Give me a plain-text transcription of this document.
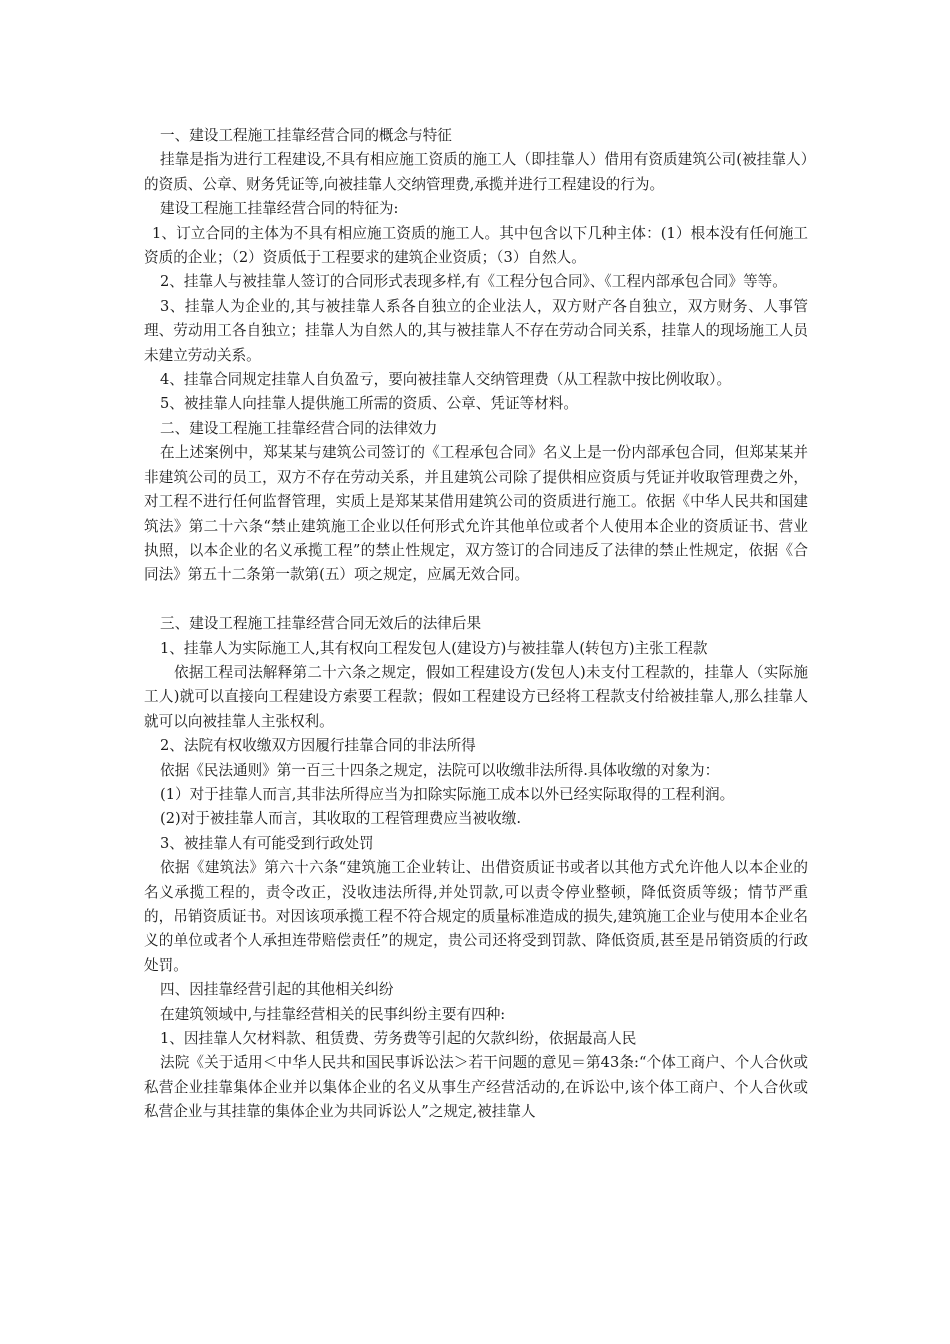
一、建设工程施工挂靠经营合同的概念与特征

挂靠是指为进行工程建设,不具有相应施工资质的施工人（即挂靠人）借用有资质建筑公司(被挂靠人）的资质、公章、财务凭证等,向被挂靠人交纳管理费,承揽并进行工程建设的行为。

建设工程施工挂靠经营合同的特征为:

1、订立合同的主体为不具有相应施工资质的施工人。其中包含以下几种主体：(1）根本没有任何施工资质的企业；（2）资质低于工程要求的建筑企业资质；（3）自然人。

2、挂靠人与被挂靠人签订的合同形式表现多样,有《工程分包合同》、《工程内部承包合同》等等。

3、挂靠人为企业的,其与被挂靠人系各自独立的企业法人，双方财产各自独立，双方财务、人事管理、劳动用工各自独立；挂靠人为自然人的,其与被挂靠人不存在劳动合同关系，挂靠人的现场施工人员未建立劳动关系。

4、挂靠合同规定挂靠人自负盈亏，要向被挂靠人交纳管理费（从工程款中按比例收取）。

5、被挂靠人向挂靠人提供施工所需的资质、公章、凭证等材料。

二、建设工程施工挂靠经营合同的法律效力

在上述案例中，郑某某与建筑公司签订的《工程承包合同》名义上是一份内部承包合同，但郑某某并非建筑公司的员工，双方不存在劳动关系，并且建筑公司除了提供相应资质与凭证并收取管理费之外，对工程不进行任何监督管理，实质上是郑某某借用建筑公司的资质进行施工。依据《中华人民共和国建筑法》第二十六条“禁止建筑施工企业以任何形式允许其他单位或者个人使用本企业的资质证书、营业执照，以本企业的名义承揽工程”的禁止性规定，双方签订的合同违反了法律的禁止性规定，依据《合同法》第五十二条第一款第(五）项之规定，应属无效合同。

三、建设工程施工挂靠经营合同无效后的法律后果

1、挂靠人为实际施工人,其有权向工程发包人(建设方)与被挂靠人(转包方)主张工程款

依据工程司法解释第二十六条之规定，假如工程建设方(发包人)未支付工程款的，挂靠人（实际施工人)就可以直接向工程建设方索要工程款；假如工程建设方已经将工程款支付给被挂靠人,那么挂靠人就可以向被挂靠人主张权利。

2、法院有权收缴双方因履行挂靠合同的非法所得

依据《民法通则》第一百三十四条之规定，法院可以收缴非法所得.具体收缴的对象为：

(1）对于挂靠人而言,其非法所得应当为扣除实际施工成本以外已经实际取得的工程利润。

(2)对于被挂靠人而言，其收取的工程管理费应当被收缴.

3、被挂靠人有可能受到行政处罚

依据《建筑法》第六十六条“建筑施工企业转让、出借资质证书或者以其他方式允许他人以本企业的名义承揽工程的，责令改正，没收违法所得,并处罚款,可以责令停业整顿，降低资质等级；情节严重的，吊销资质证书。对因该项承揽工程不符合规定的质量标准造成的损失,建筑施工企业与使用本企业名义的单位或者个人承担连带赔偿责任”的规定，贵公司还将受到罚款、降低资质,甚至是吊销资质的行政处罚。

四、因挂靠经营引起的其他相关纠纷

在建筑领域中,与挂靠经营相关的民事纠纷主要有四种:

1、因挂靠人欠材料款、租赁费、劳务费等引起的欠款纠纷，依据最高人民

法院《关于适用＜中华人民共和国民事诉讼法＞若干问题的意见＝第43条:“个体工商户、个人合伙或私营企业挂靠集体企业并以集体企业的名义从事生产经营活动的,在诉讼中,该个体工商户、个人合伙或私营企业与其挂靠的集体企业为共同诉讼人”之规定,被挂靠人
